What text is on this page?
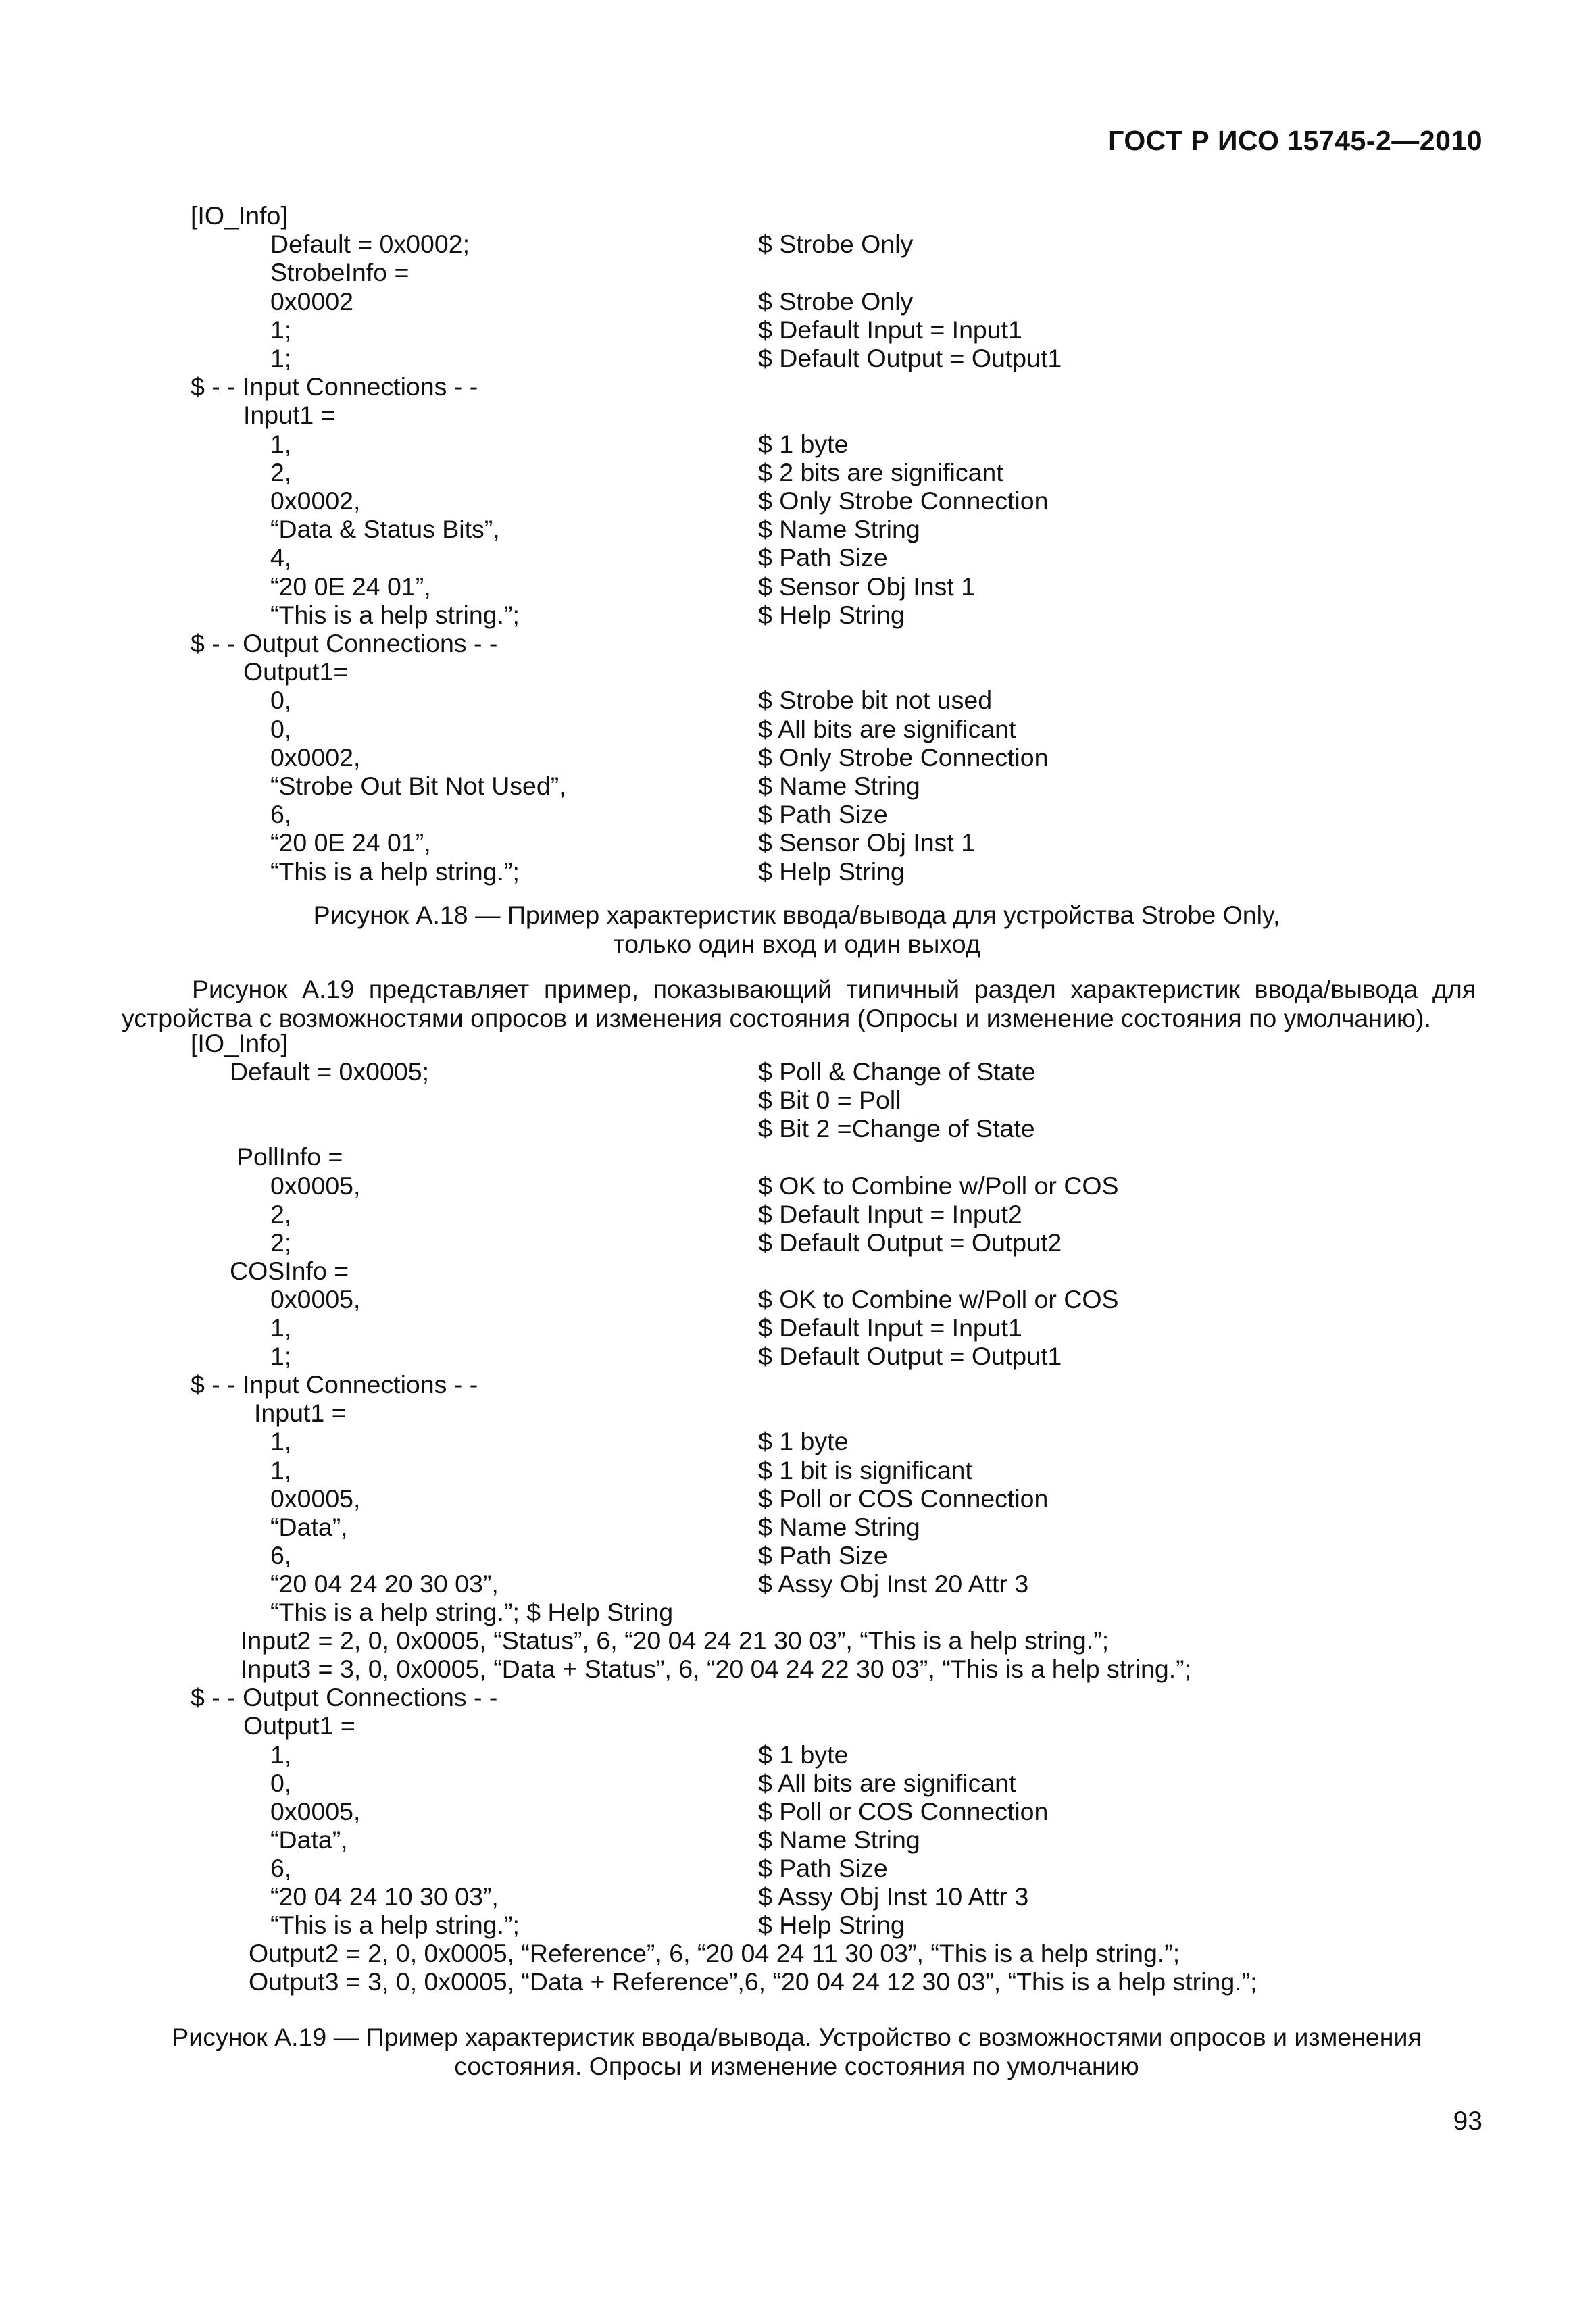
ГОСТ Р ИСО 15745-2—2010
[IO_Info]
Default = 0x0002;	$ Strobe Only
StrobeInfo =
0x0002	$ Strobe Only
1;	$ Default Input = Input1
1;	$ Default Output = Output1
$ - - Input Connections - -
Input1 =
1,	$ 1 byte
2,	$ 2 bits are significant
0x0002,	$ Only Strobe Connection
“Data & Status Bits”,	$ Name String
4,	$ Path Size
“20 0E 24 01”,	$ Sensor Obj Inst 1
“This is a help string.”;	$ Help String
$ - - Output Connections - -
Output1=
0,	$ Strobe bit not used
0,	$ All bits are significant
0x0002,	$ Only Strobe Connection
“Strobe Out Bit Not Used”,	$ Name String
6,	$ Path Size
“20 0E 24 01”,	$ Sensor Obj Inst 1
“This is a help string.”;	$ Help String
Рисунок А.18 — Пример характеристик ввода/вывода для устройства Strobe Only,
только один вход и один выход
Рисунок А.19 представляет пример, показывающий типичный раздел характеристик ввода/вывода для устройства с возможностями опросов и изменения состояния (Опросы и изменение состояния по умолчанию).
[IO_Info]
Default = 0x0005;	$ Poll & Change of State
$ Bit 0 = Poll
$ Bit 2 =Change of State
PollInfo =
0x0005,	$ OK to Combine w/Poll or COS
2,	$ Default Input = Input2
2;	$ Default Output = Output2
COSInfo =
0x0005,	$ OK to Combine w/Poll or COS
1,	$ Default Input = Input1
1;	$ Default Output = Output1
$ - - Input Connections - -
Input1 =
1,	$ 1 byte
1,	$ 1 bit is significant
0x0005,	$ Poll or COS Connection
“Data”,	$ Name String
6,	$ Path Size
“20 04 24 20 30 03”,	$ Assy Obj Inst 20 Attr 3
“This is a help string.”; $ Help String
Input2 = 2, 0, 0x0005, “Status”, 6, “20 04 24 21 30 03”, “This is a help string.”;
Input3 = 3, 0, 0x0005, “Data + Status”, 6, “20 04 24 22 30 03”, “This is a help string.”;
$ - - Output Connections - -
Output1 =
1,	$ 1 byte
0,	$ All bits are significant
0x0005,	$ Poll or COS Connection
“Data”,	$ Name String
6,	$ Path Size
“20 04 24 10 30 03”,	$ Assy Obj Inst 10 Attr 3
“This is a help string.”;	$ Help String
Output2 = 2, 0, 0x0005, “Reference”, 6, “20 04 24 11 30 03”, “This is a help string.”;
Output3 = 3, 0, 0x0005, “Data + Reference”,6, “20 04 24 12 30 03”, “This is a help string.”;
Рисунок А.19 — Пример характеристик ввода/вывода. Устройство с возможностями опросов и изменения
состояния. Опросы и изменение состояния по умолчанию
93
